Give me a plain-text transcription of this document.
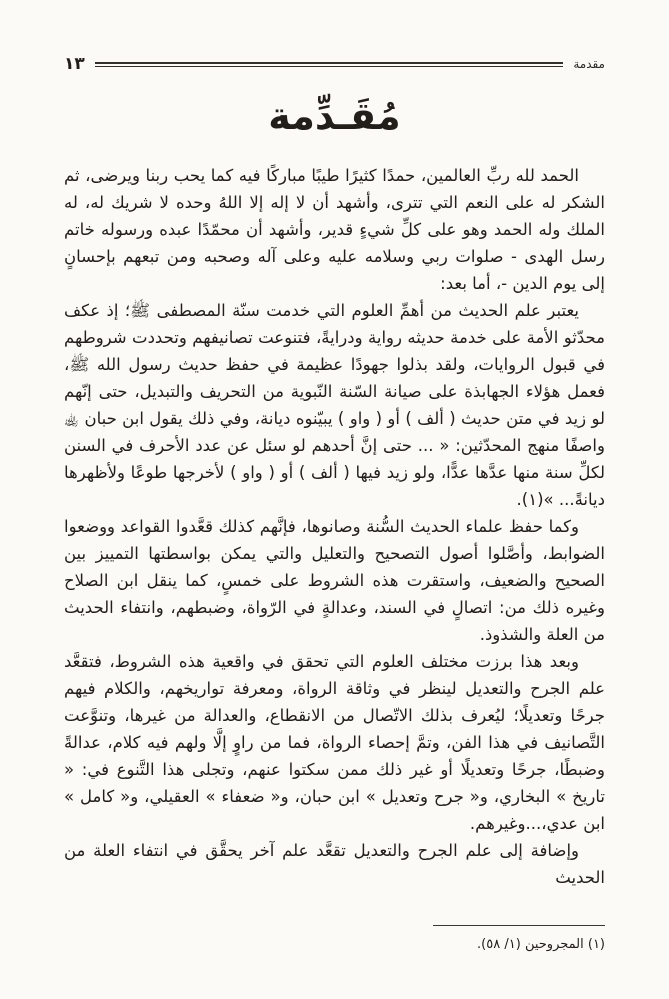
١٣	مقدمة
مُقَـدِّمة

الحمد لله ربِّ العالمين، حمدًا كثيرًا طيبًا مباركًا فيه كما يحب ربنا ويرضى، ثم الشكر له على النعم التي تترى، وأشهد أن لا إله إلا اللهُ وحده لا شريك له، له الملك وله الحمد وهو على كلِّ شيءٍ قدير، وأشهد أن محمّدًا عبده ورسوله خاتم رسل الهدى - صلوات ربي وسلامه عليه وعلى آله وصحبه ومن تبعهم بإحسانٍ إلى يوم الدين -، أما بعد:

يعتبر علم الحديث من أهمِّ العلوم التي خدمت سنّة المصطفى ﷺ؛ إذ عكف محدّثو الأمة على خدمة حديثه رواية ودرايةً، فتنوعت تصانيفهم وتحددت شروطهم في قبول الروايات، ولقد بذلوا جهودًا عظيمة في حفظ حديث رسول الله ﷺ، فعمل هؤلاء الجهابذة على صيانة السّنة النّبوية من التحريف والتبديل، حتى إنّهم لو زيد في متن حديث ( ألف ) أو ( واو ) يبيّنوه ديانة، وفي ذلك يقول ابن حبان ﵀ واصفًا منهج المحدّثين: « ... حتى إنَّ أحدهم لو سئل عن عدد الأحرف في السنن لكلِّ سنة منها عدَّها عدًّا، ولو زيد فيها ( ألف ) أو ( واو ) لأخرجها طوعًا ولأظهرها ديانةً... »(١).

وكما حفظ علماء الحديث السُّنة وصانوها، فإنَّهم كذلك قعَّدوا القواعد ووضعوا الضوابط، وأصَّلوا أصول التصحيح والتعليل والتي يمكن بواسطتها التمييز بين الصحيح والضعيف، واستقرت هذه الشروط على خمسٍ، كما ينقل ابن الصلاح وغيره ذلك من: اتصالٍ في السند، وعدالةٍ في الرّواة، وضبطهم، وانتفاء الحديث من العلة والشذوذ.

وبعد هذا برزت مختلف العلوم التي تحقق في واقعية هذه الشروط، فتقعَّد علم الجرح والتعديل لينظر في وثاقة الرواة، ومعرفة تواريخهم، والكلام فيهم جرحًا وتعديلًا؛ ليُعرف بذلك الاتّصال من الانقطاع، والعدالة من غيرها، وتنوَّعت التَّصانيف في هذا الفن، وتمَّ إحصاء الرواة، فما من راوٍ إلَّا ولهم فيه كلام، عدالةً وضبطًا، جرحًا وتعديلًا أو غير ذلك ممن سكتوا عنهم، وتجلى هذا التَّنوع في: « تاريخ » البخاري، و« جرح وتعديل » ابن حبان، و« ضعفاء » العقيلي، و« كامل » ابن عدي،...وغيرهم.

وإضافة إلى علم الجرح والتعديل تقعَّد علم آخر يحقَّق في انتفاء العلة من الحديث

(١) المجروحين (١/ ٥٨).
